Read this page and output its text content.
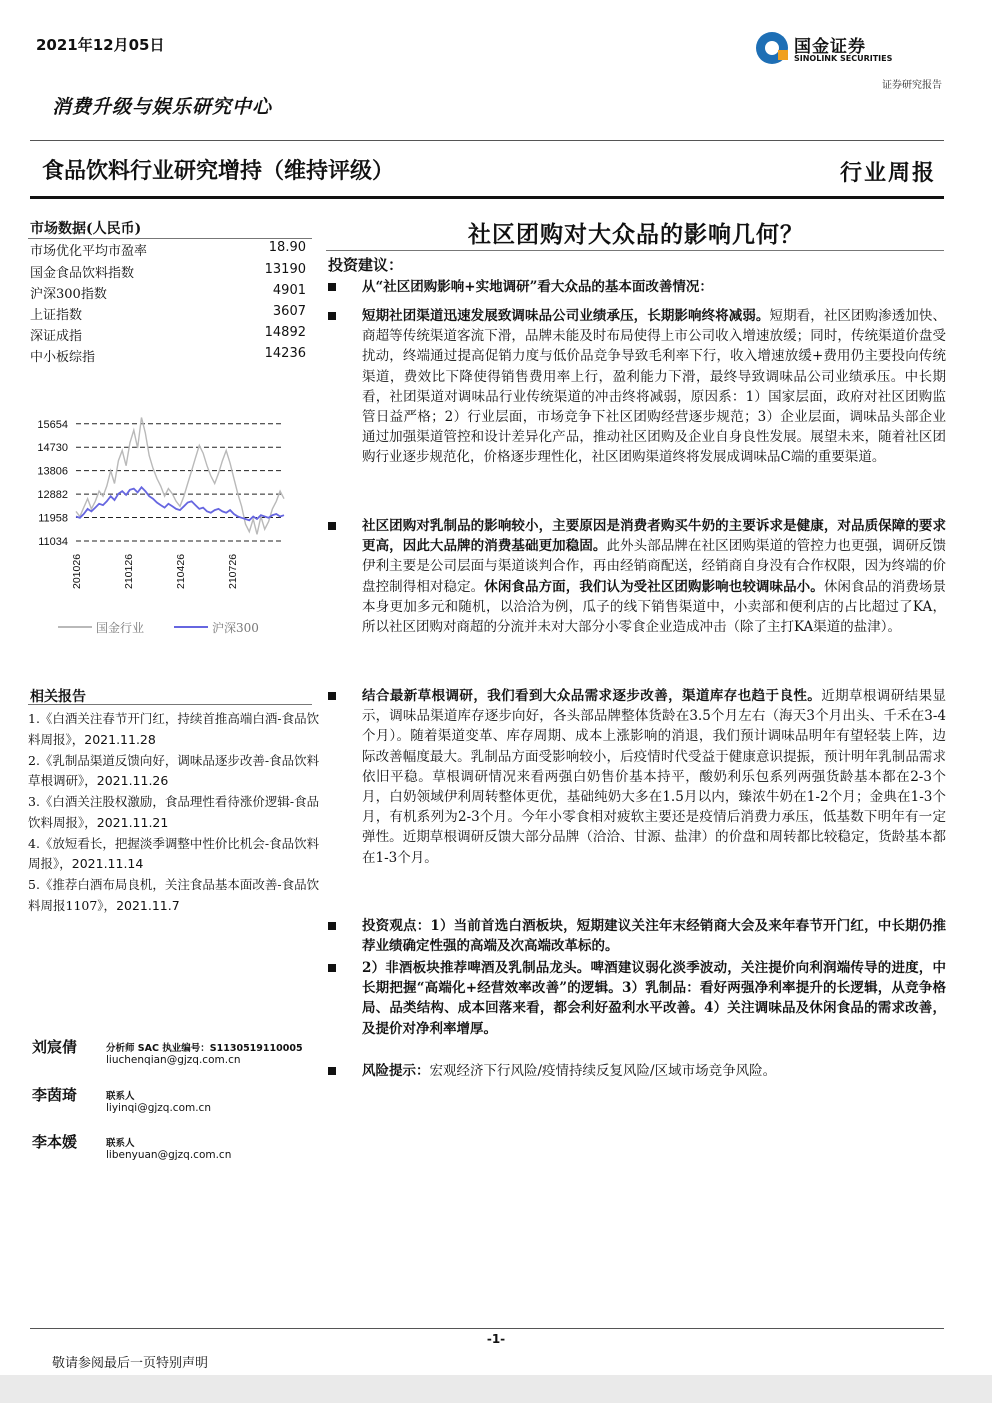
2021年12月05日	国金证券
SINOLINK SECURITIES
证券研究报告
消费升级与娱乐研究中心
食品饮料行业研究增持（维持评级）	行业周报
市场数据(人民币)
市场优化平均市盈率	18.90
国金食品饮料指数	13190
沪深300指数	4901
上证指数	3607
深证成指	14892
中小板综指	14236
15654
14730
13806
12882
11958
11034
201026	210126	210426	210726
国金行业	沪深300
相关报告
1.《白酒关注春节开门红，持续首推高端白酒-食品饮料周报》，2021.11.28
2.《乳制品渠道反馈向好，调味品逐步改善-食品饮料草根调研》，2021.11.26
3.《白酒关注股权激励，食品理性看待涨价逻辑-食品饮料周报》，2021.11.21
4.《放短看长，把握淡季调整中性价比机会-食品饮料周报》，2021.11.14
5.《推荐白酒布局良机，关注食品基本面改善-食品饮料周报1107》，2021.11.7
刘宸倩	分析师 SAC 执业编号：S1130519110005
liuchenqian@gjzq.com.cn
李茵琦	联系人
liyinqi@gjzq.com.cn
李本媛	联系人
libenyuan@gjzq.com.cn
社区团购对大众品的影响几何？
投资建议：
从“社区团购影响+实地调研”看大众品的基本面改善情况：
短期社团渠道迅速发展致调味品公司业绩承压，长期影响终将减弱。短期看，社区团购渗透加快、商超等传统渠道客流下滑，品牌未能及时布局使得上市公司收入增速放缓；同时，传统渠道价盘受扰动，终端通过提高促销力度与低价品竞争导致毛利率下行，收入增速放缓+费用仍主要投向传统渠道，费效比下降使得销售费用率上行，盈利能力下滑，最终导致调味品公司业绩承压。中长期看，社团渠道对调味品行业传统渠道的冲击终将减弱，原因系：1）国家层面，政府对社区团购监管日益严格；2）行业层面，市场竞争下社区团购经营逐步规范；3）企业层面，调味品头部企业通过加强渠道管控和设计差异化产品，推动社区团购及企业自身良性发展。展望未来，随着社区团购行业逐步规范化，价格逐步理性化，社区团购渠道终将发展成调味品C端的重要渠道。
社区团购对乳制品的影响较小，主要原因是消费者购买牛奶的主要诉求是健康，对品质保障的要求更高，因此大品牌的消费基础更加稳固。此外头部品牌在社区团购渠道的管控力也更强，调研反馈伊利主要是公司层面与渠道谈判合作，再由经销商配送，经销商自身没有合作权限，因为终端的价盘控制得相对稳定。休闲食品方面，我们认为受社区团购影响也较调味品小。休闲食品的消费场景本身更加多元和随机，以洽洽为例，瓜子的线下销售渠道中，小卖部和便利店的占比超过了KA，所以社区团购对商超的分流并未对大部分小零食企业造成冲击（除了主打KA渠道的盐津）。
结合最新草根调研，我们看到大众品需求逐步改善，渠道库存也趋于良性。近期草根调研结果显示，调味品渠道库存逐步向好，各头部品牌整体货龄在3.5个月左右（海天3个月出头、千禾在3-4个月）。随着渠道变革、库存周期、成本上涨影响的消退，我们预计调味品明年有望轻装上阵，边际改善幅度最大。乳制品方面受影响较小，后疫情时代受益于健康意识提振，预计明年乳制品需求依旧平稳。草根调研情况来看两强白奶售价基本持平，酸奶利乐包系列两强货龄基本都在2-3个月，白奶领域伊利周转整体更优，基础纯奶大多在1.5月以内，臻浓牛奶在1-2个月；金典在1-3个月，有机系列为2-3个月。今年小零食相对疲软主要还是疫情后消费力承压，低基数下明年有一定弹性。近期草根调研反馈大部分品牌（洽洽、甘源、盐津）的价盘和周转都比较稳定，货龄基本都在1-3个月。
投资观点：1）当前首选白酒板块，短期建议关注年末经销商大会及来年春节开门红，中长期仍推荐业绩确定性强的高端及次高端改革标的。
2）非酒板块推荐啤酒及乳制品龙头。啤酒建议弱化淡季波动，关注提价向利润端传导的进度，中长期把握“高端化+经营效率改善”的逻辑。3）乳制品：看好两强净利率提升的长逻辑，从竞争格局、品类结构、成本回落来看，都会利好盈利水平改善。4）关注调味品及休闲食品的需求改善，及提价对净利率增厚。
风险提示：宏观经济下行风险/疫情持续反复风险/区域市场竞争风险。
-1-
敬请参阅最后一页特别声明
